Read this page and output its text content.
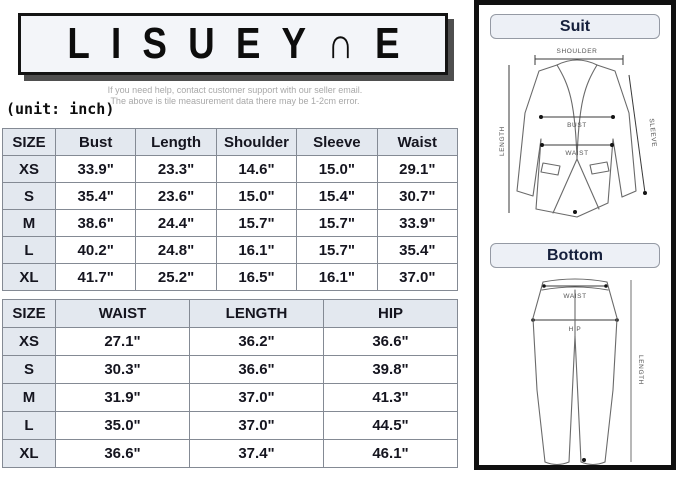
LISUEY∩E
If you need help, contact customer support with our seller email.
The above is tile measurement data there may be 1-2cm error.
(unit: inch)
SIZE	Bust	Length	Shoulder	Sleeve	Waist
XS	33.9"	23.3"	14.6"	15.0"	29.1"
S	35.4"	23.6"	15.0"	15.4"	30.7"
M	38.6"	24.4"	15.7"	15.7"	33.9"
L	40.2"	24.8"	16.1"	15.7"	35.4"
XL	41.7"	25.2"	16.5"	16.1"	37.0"
SIZE	WAIST	LENGTH	HIP
XS	27.1"	36.2"	36.6"
S	30.3"	36.6"	39.8"
M	31.9"	37.0"	41.3"
L	35.0"	37.0"	44.5"
XL	36.6"	37.4"	46.1"
Suit
SHOULDER
LENGTH	SLEEVE
BUST
WAIST
Bottom
WAIST
HIP
LENGTH
